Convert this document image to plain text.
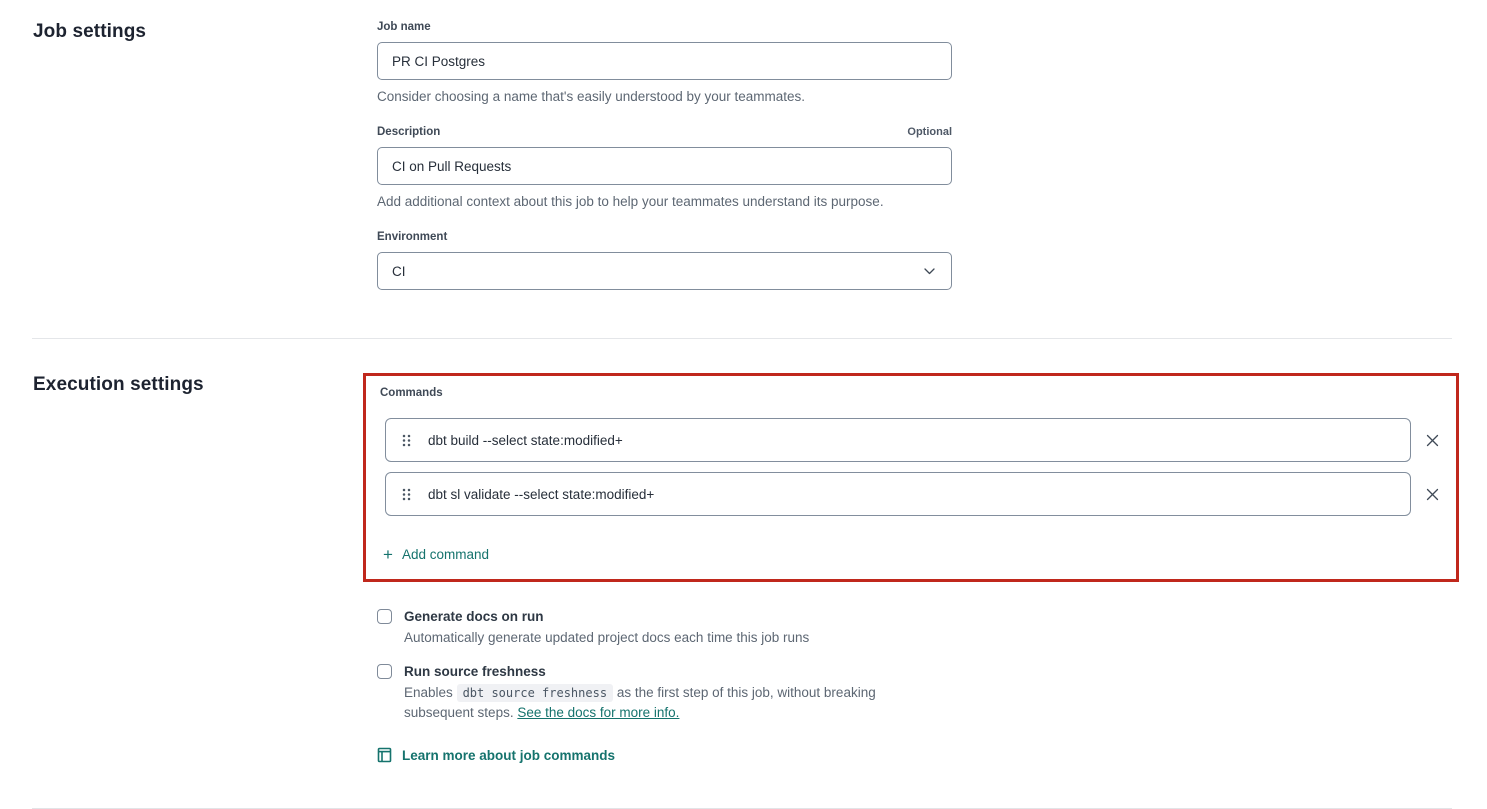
Job settings	Job name
PR CI Postgres
Consider choosing a name that's easily understood by your teammates.
Description	Optional
CI on Pull Requests
Add additional context about this job to help your teammates understand its purpose.
Environment
CI
Execution settings	Commands
dbt build --select state:modified+
dbt sl validate --select state:modified+
+ Add command
Generate docs on run
Automatically generate updated project docs each time this job runs
Run source freshness
Enables dbt source freshness as the first step of this job, without breaking subsequent steps. See the docs for more info.
Learn more about job commands
